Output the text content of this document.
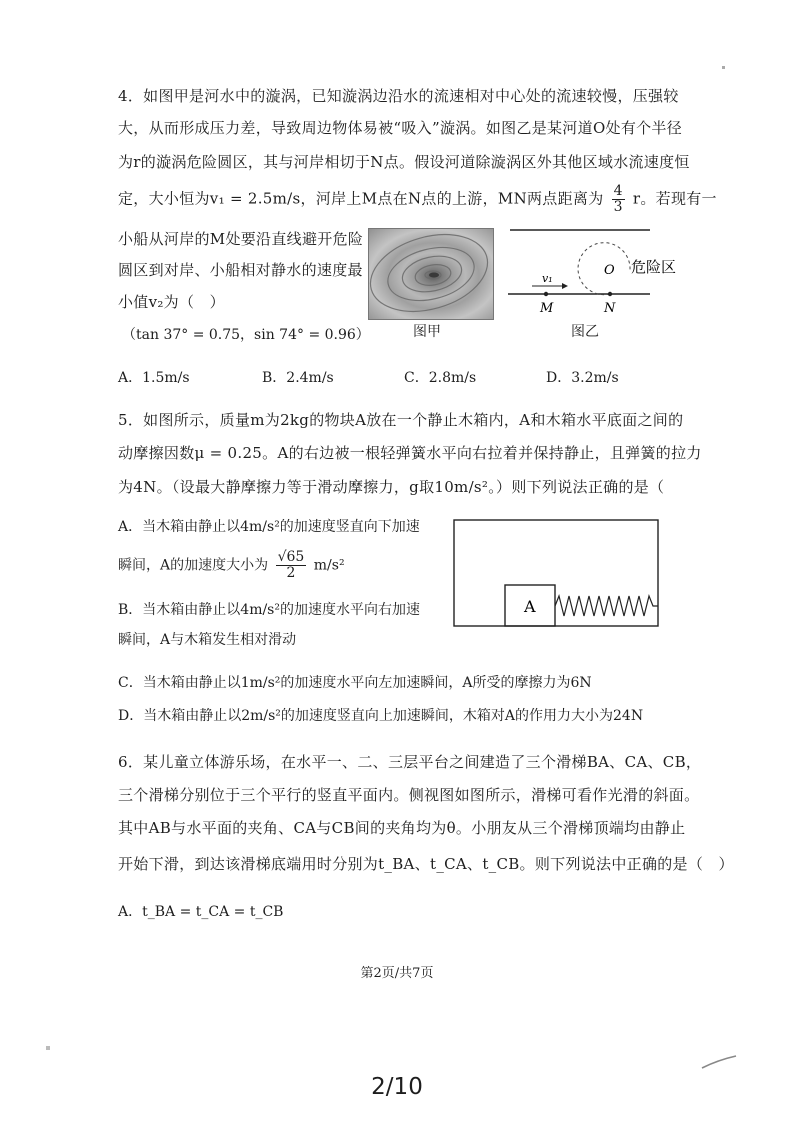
4．如图甲是河水中的漩涡，已知漩涡边沿水的流速相对中心处的流速较慢，压强较
大，从而形成压力差，导致周边物体易被“吸入”漩涡。如图乙是某河道O处有个半径
为r的漩涡危险圆区，其与河岸相切于N点。假设河道除漩涡区外其他区域水流速度恒
定，大小恒为v₁ = 2.5m/s，河岸上M点在N点的上游，MN两点距离为 $\frac{4}{3}$ r。若现有一
小船从河岸的M处要沿直线避开危险
圆区到对岸、小船相对静水的速度最
小值v₂为（　）
（tan 37° = 0.75，sin 74° = 0.96）	图甲
v₁
M	N
O 危险区
图乙
A．1.5m/s	B．2.4m/s	C．2.8m/s	D．3.2m/s
5．如图所示，质量m为2kg的物块A放在一个静止木箱内，A和木箱水平底面之间的
动摩擦因数μ = 0.25。A的右边被一根轻弹簧水平向右拉着并保持静止，且弹簧的拉力
为4N。（设最大静摩擦力等于滑动摩擦力，g取10m/s²。）则下列说法正确的是（
A．当木箱由静止以4m/s²的加速度竖直向下加速
瞬间，A的加速度大小为 $\frac{√65}{2} m/s^2$
B．当木箱由静止以4m/s²的加速度水平向右加速
瞬间，A与木箱发生相对滑动
C．当木箱由静止以1m/s²的加速度水平向左加速瞬间，A所受的摩擦力为6N
D．当木箱由静止以2m/s²的加速度竖直向上加速瞬间，木箱对A的作用力大小为24N
A
6．某儿童立体游乐场，在水平一、二、三层平台之间建造了三个滑梯BA、CA、CB，
三个滑梯分别位于三个平行的竖直平面内。侧视图如图所示，滑梯可看作光滑的斜面。
其中AB与水平面的夹角、CA与CB间的夹角均为θ。小朋友从三个滑梯顶端均由静止
开始下滑，到达该滑梯底端用时分别为t_BA、t_CA、t_CB。则下列说法中正确的是（　）
A．t_BA = t_CA = t_CB
第2页/共7页
2/10
